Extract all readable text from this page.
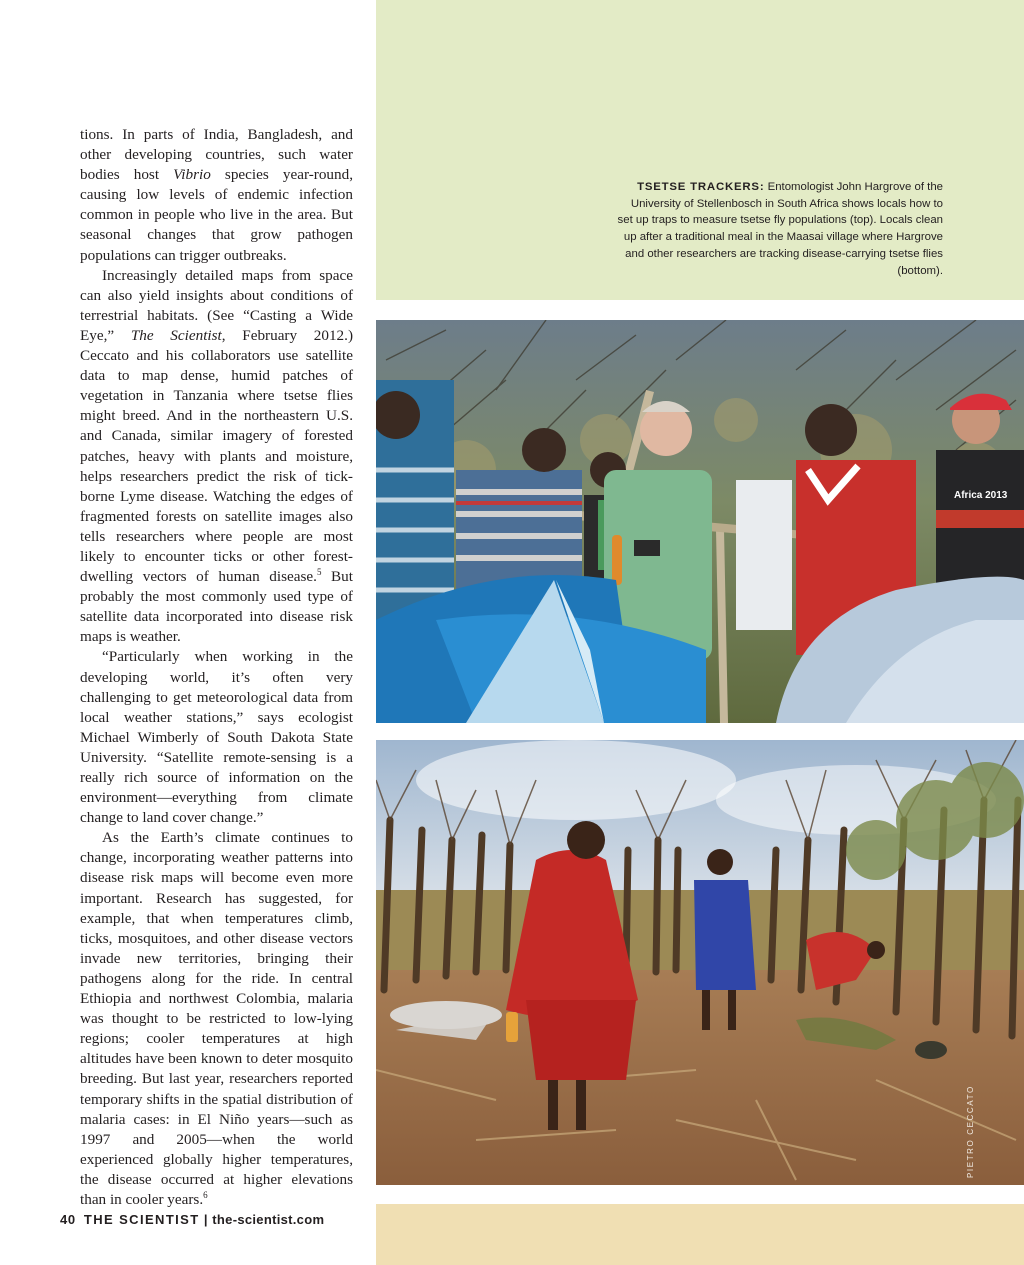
tions. In parts of India, Bangladesh, and other developing countries, such water bodies host Vibrio species year-round, causing low levels of endemic infection common in people who live in the area. But seasonal changes that grow pathogen populations can trigger outbreaks.

Increasingly detailed maps from space can also yield insights about conditions of terrestrial habitats. (See “Casting a Wide Eye,” The Scientist, February 2012.) Ceccato and his collaborators use satellite data to map dense, humid patches of vegetation in Tanzania where tsetse flies might breed. And in the northeastern U.S. and Canada, similar imagery of forested patches, heavy with plants and moisture, helps researchers predict the risk of tick-borne Lyme disease. Watching the edges of fragmented forests on satellite images also tells researchers where people are most likely to encounter ticks or other forest-dwelling vectors of human disease.$^5$ But probably the most commonly used type of satellite data incorporated into disease risk maps is weather.

“Particularly when working in the developing world, it’s often very challenging to get meteorological data from local weather stations,” says ecologist Michael Wimberly of South Dakota State University. “Satellite remote-sensing is a really rich source of information on the environment—everything from climate change to land cover change.”

As the Earth’s climate continues to change, incorporating weather patterns into disease risk maps will become even more important. Research has suggested, for example, that when temperatures climb, ticks, mosquitoes, and other disease vectors invade new territories, bringing their pathogens along for the ride. In central Ethiopia and northwest Colombia, malaria was thought to be restricted to low-lying regions; cooler temperatures at high altitudes have been known to deter mosquito breeding. But last year, researchers reported temporary shifts in the spatial distribution of malaria cases: in El Niño years—such as 1997 and 2005—when the world experienced globally higher temperatures, the disease occurred at higher elevations than in cooler years.$^6$

40 THE SCIENTIST | the-scientist.com
TSETSE TRACKERS: Entomologist John Hargrove of the University of Stellenbosch in South Africa shows locals how to set up traps to measure tsetse fly populations (top). Locals clean up after a traditional meal in the Maasai village where Hargrove and other researchers are tracking disease-carrying tsetse flies (bottom).
Africa 2013
PIETRO CECCATO
